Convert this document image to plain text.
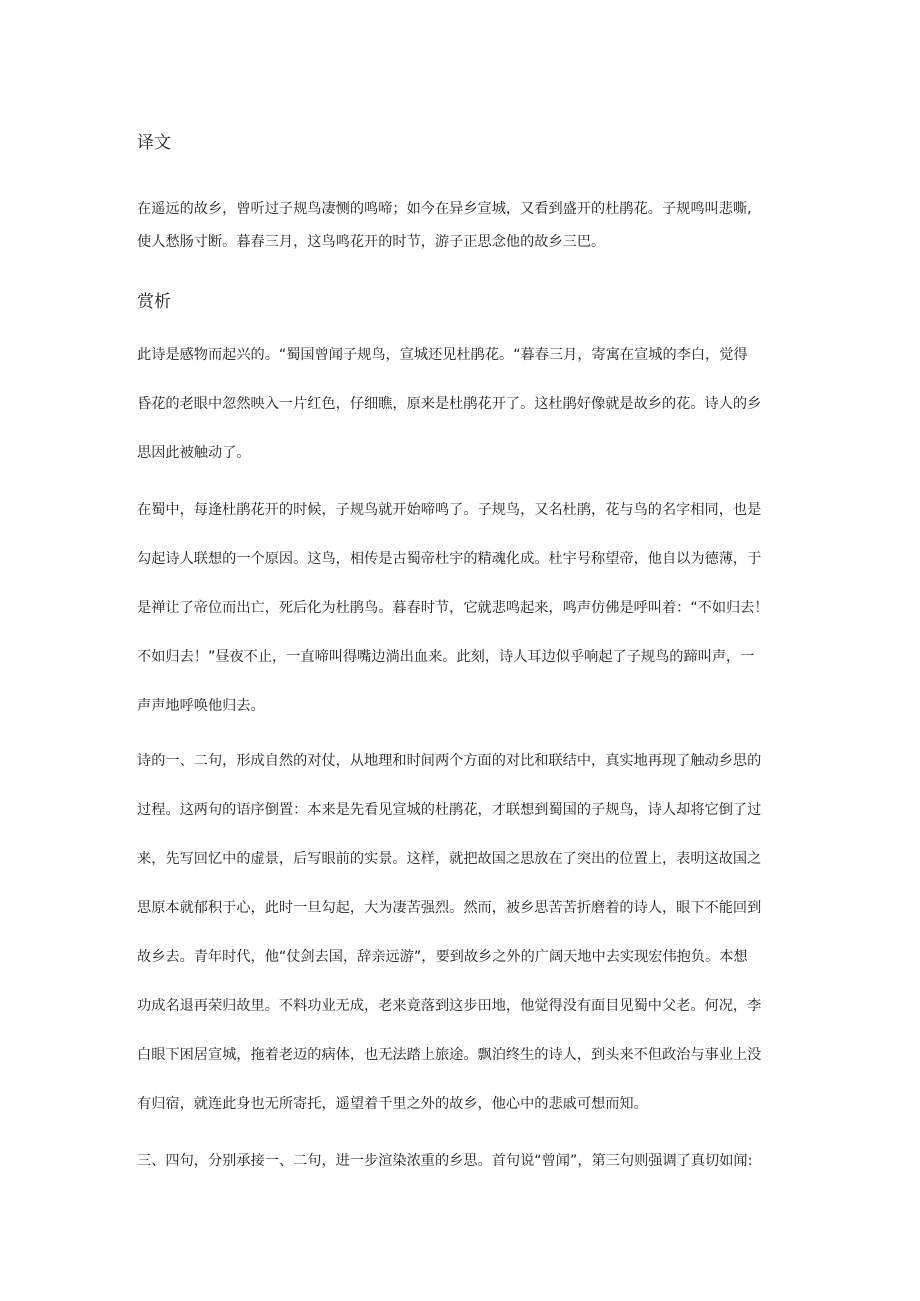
译文
在遥远的故乡，曾听过子规鸟凄恻的鸣啼；如今在异乡宣城，又看到盛开的杜鹃花。子规鸣叫悲嘶,
使人愁肠寸断。暮春三月，这鸟鸣花开的时节，游子正思念他的故乡三巴。
赏析
此诗是感物而起兴的。“蜀国曾闻子规鸟，宣城还见杜鹃花。“暮春三月，寄寓在宣城的李白，觉得
昏花的老眼中忽然映入一片红色，仔细瞧，原来是杜鹃花开了。这杜鹃好像就是故乡的花。诗人的乡
思因此被触动了。
在蜀中，每逢杜鹃花开的时候，子规鸟就开始啼鸣了。子规鸟，又名杜鹃，花与鸟的名字相同，也是
勾起诗人联想的一个原因。这鸟，相传是古蜀帝杜宇的精魂化成。杜宇号称望帝，他自以为德薄，于
是禅让了帝位而出亡，死后化为杜鹃鸟。暮春时节，它就悲鸣起来，鸣声仿佛是呼叫着：“不如归去！
不如归去！”昼夜不止，一直啼叫得嘴边淌出血来。此刻，诗人耳边似乎响起了子规鸟的蹄叫声，一
声声地呼唤他归去。
诗的一、二句，形成自然的对仗，从地理和时间两个方面的对比和联结中，真实地再现了触动乡思的
过程。这两句的语序倒置：本来是先看见宣城的杜鹃花，才联想到蜀国的子规鸟，诗人却将它倒了过
来，先写回忆中的虚景，后写眼前的实景。这样，就把故国之思放在了突出的位置上，表明这故国之
思原本就郁积于心，此时一旦勾起，大为凄苦强烈。然而，被乡思苦苦折磨着的诗人，眼下不能回到
故乡去。青年时代，他“仗剑去国，辞亲远游”，要到故乡之外的广阔天地中去实现宏伟抱负。本想
功成名退再荣归故里。不料功业无成，老来竟落到这步田地，他觉得没有面目见蜀中父老。何况，李
白眼下困居宣城，拖着老迈的病体，也无法踏上旅途。飘泊终生的诗人，到头来不但政治与事业上没
有归宿，就连此身也无所寄托，遥望着千里之外的故乡，他心中的悲戚可想而知。
三、四句，分别承接一、二句，进一步渲染浓重的乡思。首句说“曾闻”，第三句则强调了真切如闻:
